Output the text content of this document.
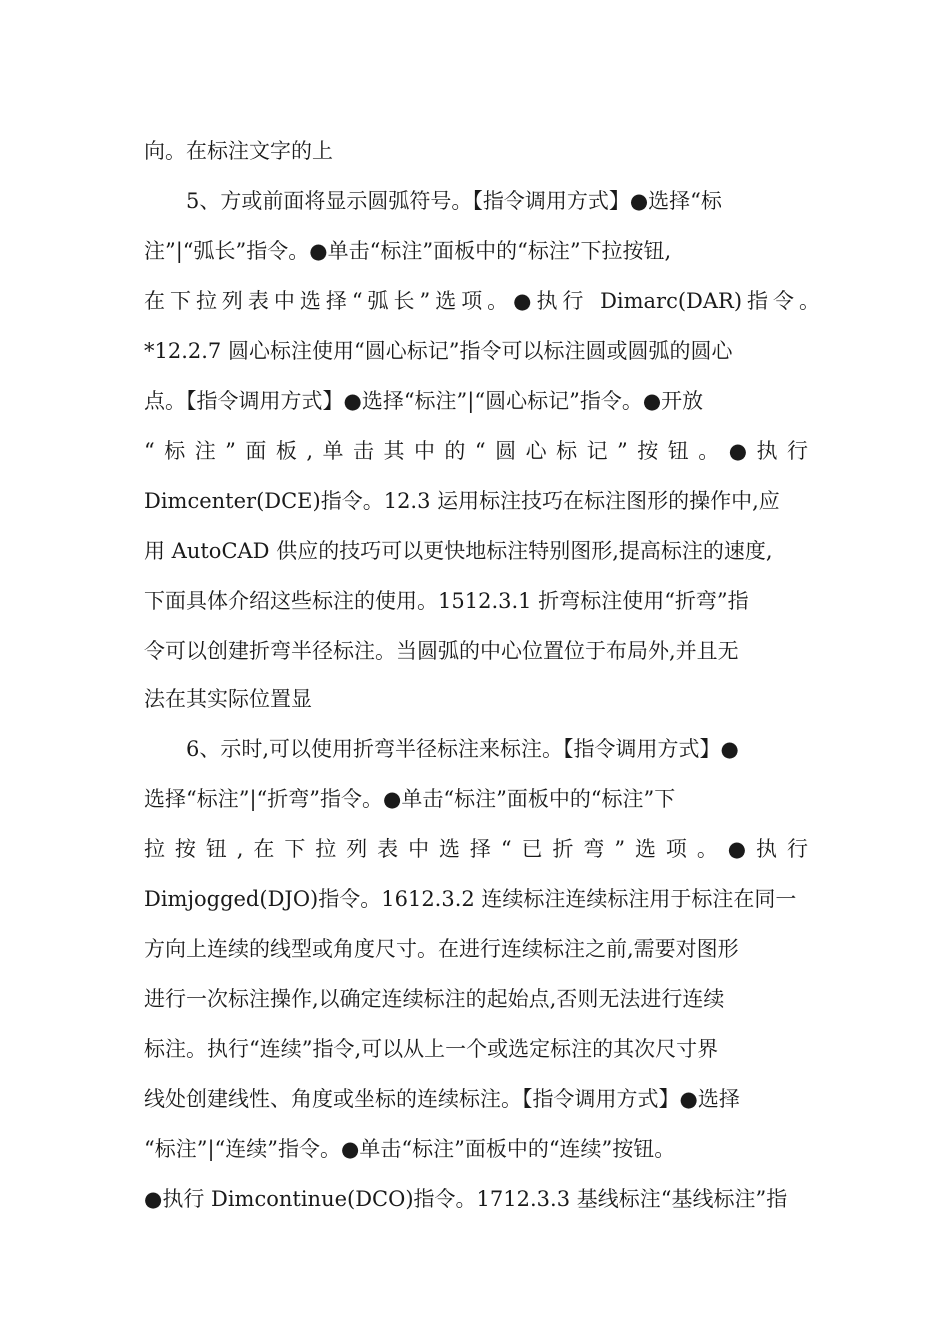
向。在标注文字的上
5、方或前面将显示圆弧符号。【指令调用方式】●选择“标
注”|“弧长”指令。●单击“标注”面板中的“标注”下拉按钮,
在下拉列表中选择“弧长”选项。●执行 Dimarc(DAR)指令。
*12.2.7 圆心标注使用“圆心标记”指令可以标注圆或圆弧的圆心
点。【指令调用方式】●选择“标注”|“圆心标记”指令。●开放
“标注”面板,单击其中的“圆心标记”按钮。●执行
Dimcenter(DCE)指令。12.3 运用标注技巧在标注图形的操作中,应
用 AutoCAD 供应的技巧可以更快地标注特别图形,提高标注的速度,
下面具体介绍这些标注的使用。1512.3.1 折弯标注使用“折弯”指
令可以创建折弯半径标注。当圆弧的中心位置位于布局外,并且无
法在其实际位置显
6、示时,可以使用折弯半径标注来标注。【指令调用方式】●
选择“标注”|“折弯”指令。●单击“标注”面板中的“标注”下
拉按钮,在下拉列表中选择“已折弯”选项。●执行
Dimjogged(DJO)指令。1612.3.2 连续标注连续标注用于标注在同一
方向上连续的线型或角度尺寸。在进行连续标注之前,需要对图形
进行一次标注操作,以确定连续标注的起始点,否则无法进行连续
标注。执行“连续”指令,可以从上一个或选定标注的其次尺寸界
线处创建线性、角度或坐标的连续标注。【指令调用方式】●选择
“标注”|“连续”指令。●单击“标注”面板中的“连续”按钮。
●执行 Dimcontinue(DCO)指令。1712.3.3 基线标注“基线标注”指
